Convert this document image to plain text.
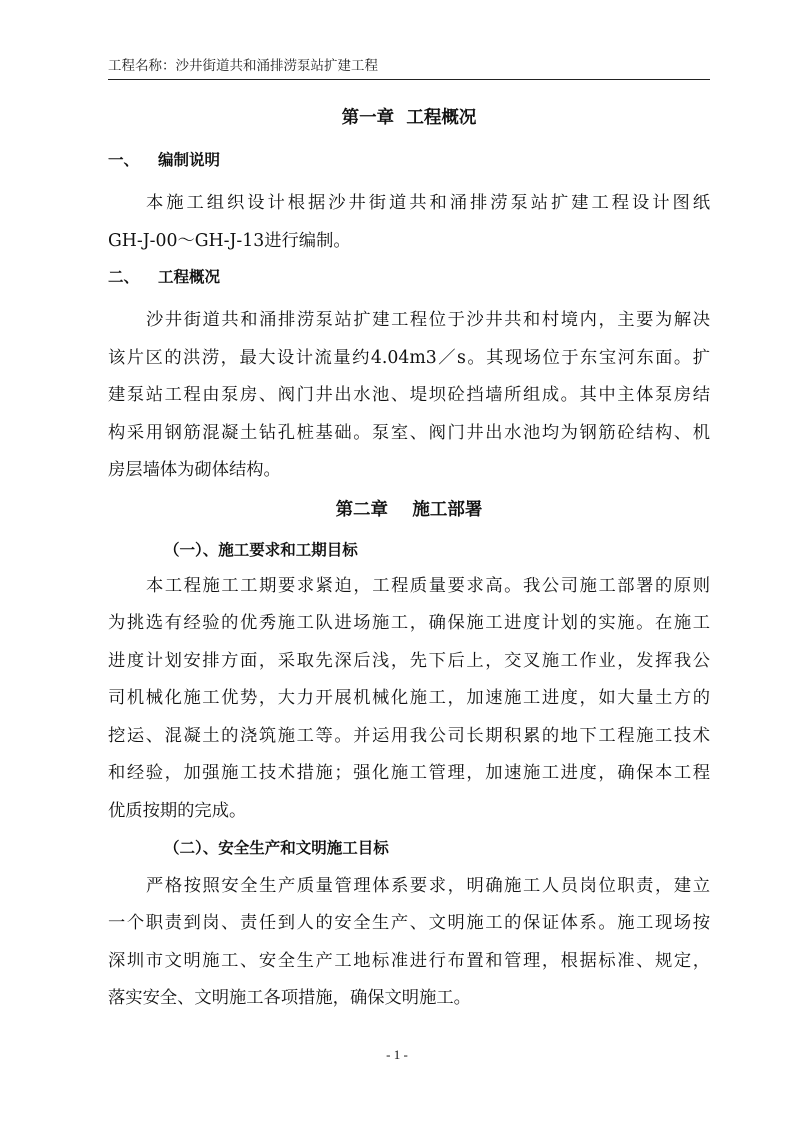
工程名称：沙井街道共和涌排涝泵站扩建工程
第一章  工程概况
一、 编制说明
本施工组织设计根据沙井街道共和涌排涝泵站扩建工程设计图纸
GH-J-00～GH-J-13进行编制。
二、 工程概况
沙井街道共和涌排涝泵站扩建工程位于沙井共和村境内，主要为解决
该片区的洪涝，最大设计流量约4.04m3／s。其现场位于东宝河东面。扩
建泵站工程由泵房、阀门井出水池、堤坝砼挡墙所组成。其中主体泵房结
构采用钢筋混凝土钻孔桩基础。泵室、阀门井出水池均为钢筋砼结构、机
房层墙体为砌体结构。
第二章    施工部署
（一）、施工要求和工期目标
本工程施工工期要求紧迫，工程质量要求高。我公司施工部署的原则
为挑选有经验的优秀施工队进场施工，确保施工进度计划的实施。在施工
进度计划安排方面，采取先深后浅，先下后上，交叉施工作业，发挥我公
司机械化施工优势，大力开展机械化施工，加速施工进度，如大量土方的
挖运、混凝土的浇筑施工等。并运用我公司长期积累的地下工程施工技术
和经验，加强施工技术措施；强化施工管理，加速施工进度，确保本工程
优质按期的完成。
（二）、安全生产和文明施工目标
严格按照安全生产质量管理体系要求，明确施工人员岗位职责，建立
一个职责到岗、责任到人的安全生产、文明施工的保证体系。施工现场按
深圳市文明施工、安全生产工地标准进行布置和管理，根据标准、规定，
落实安全、文明施工各项措施，确保文明施工。
- 1 -
